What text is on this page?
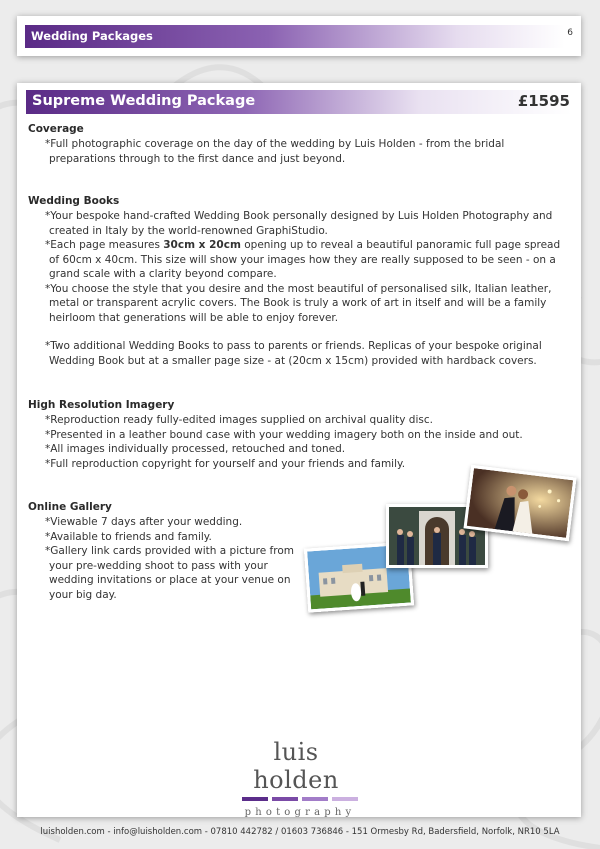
Wedding Packages	6
Supreme Wedding Package	£1595
Coverage

*Full photographic coverage on the day of the wedding by Luis Holden - from the bridal preparations through to the first dance and just beyond.

Wedding Books

*Your bespoke hand-crafted Wedding Book personally designed by Luis Holden Photography and created in Italy by the world-renowned GraphiStudio.

*Each page measures 30cm x 20cm opening up to reveal a beautiful panoramic full page spread of 60cm x 40cm. This size will show your images how they are really supposed to be seen - on a grand scale with a clarity beyond compare.

*You choose the style that you desire and the most beautiful of personalised silk, Italian leather, metal or transparent acrylic covers. The Book is truly a work of art in itself and will be a family heirloom that generations will be able to enjoy forever.

*Two additional Wedding Books to pass to parents or friends. Replicas of your bespoke original Wedding Book but at a smaller page size - at (20cm x 15cm) provided with hardback covers.

High Resolution Imagery

*Reproduction ready fully-edited images supplied on archival quality disc.

*Presented in a leather bound case with your wedding imagery both on the inside and out.

*All images individually processed, retouched and toned.

*Full reproduction copyright for yourself and your friends and family.

Online Gallery

*Viewable 7 days after your wedding.

*Available to friends and family.

*Gallery link cards provided with a picture from your pre-wedding shoot to pass with your wedding invitations or place at your venue on your big day.

luis holden
photography
luisholden.com - info@luisholden.com - 07810 442782 / 01603 736846 - 151 Ormesby Rd, Badersfield, Norfolk, NR10 5LA
